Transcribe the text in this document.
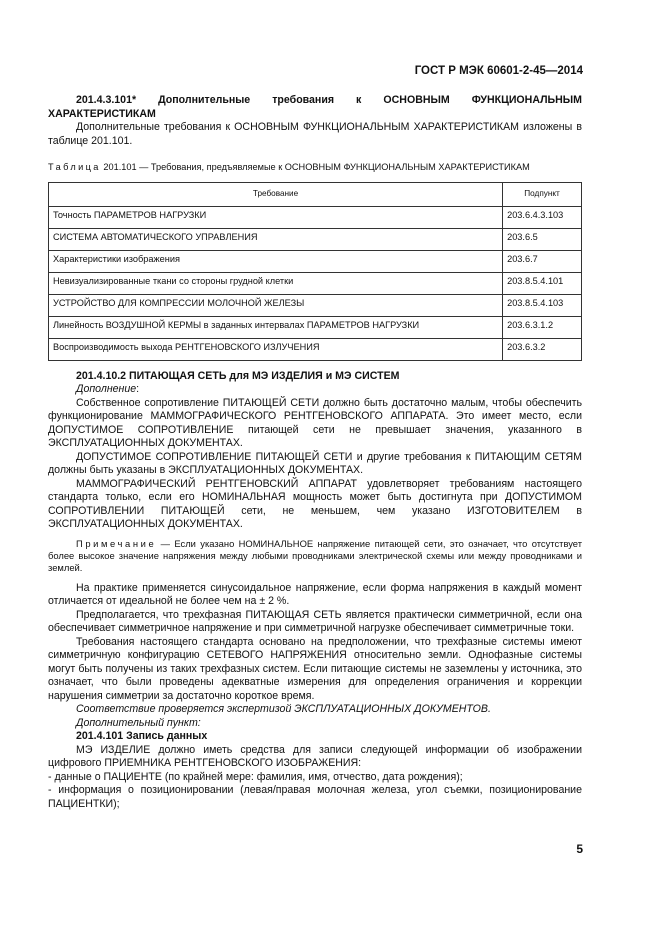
ГОСТ Р МЭК 60601-2-45—2014

201.4.3.101* Дополнительные требования к ОСНОВНЫМ ФУНКЦИОНАЛЬНЫМ

ХАРАКТЕРИСТИКАМ

Дополнительные требования к ОСНОВНЫМ ФУНКЦИОНАЛЬНЫМ ХАРАКТЕРИСТИКАМ изложены в таблице 201.101.

Таблица 201.101 — Требования, предъявляемые к ОСНОВНЫМ ФУНКЦИОНАЛЬНЫМ ХАРАКТЕРИСТИКАМ

Требование	Подпункт
Точность ПАРАМЕТРОВ НАГРУЗКИ	203.6.4.3.103
СИСТЕМА АВТОМАТИЧЕСКОГО УПРАВЛЕНИЯ	203.6.5
Характеристики изображения	203.6.7
Невизуализированные ткани со стороны грудной клетки	203.8.5.4.101
УСТРОЙСТВО ДЛЯ КОМПРЕССИИ МОЛОЧНОЙ ЖЕЛЕЗЫ	203.8.5.4.103
Линейность ВОЗДУШНОЙ КЕРМЫ в заданных интервалах ПАРАМЕТРОВ НАГРУЗКИ	203.6.3.1.2
Воспроизводимость выхода РЕНТГЕНОВСКОГО ИЗЛУЧЕНИЯ	203.6.3.2

201.4.10.2 ПИТАЮЩАЯ СЕТЬ для МЭ ИЗДЕЛИЯ и МЭ СИСТЕМ

Дополнение:

Собственное сопротивление ПИТАЮЩЕЙ СЕТИ должно быть достаточно малым, чтобы обеспечить функционирование МАММОГРАФИЧЕСКОГО РЕНТГЕНОВСКОГО АППАРАТА. Это имеет место, если ДОПУСТИМОЕ СОПРОТИВЛЕНИЕ питающей сети не превышает значения, указанного в ЭКСПЛУАТАЦИОННЫХ ДОКУМЕНТАХ.

ДОПУСТИМОЕ СОПРОТИВЛЕНИЕ ПИТАЮЩЕЙ СЕТИ и другие требования к ПИТАЮЩИМ СЕТЯМ должны быть указаны в ЭКСПЛУАТАЦИОННЫХ ДОКУМЕНТАХ.

МАММОГРАФИЧЕСКИЙ РЕНТГЕНОВСКИЙ АППАРАТ удовлетворяет требованиям настоящего стандарта только, если его НОМИНАЛЬНАЯ мощность может быть достигнута при ДОПУСТИМОМ СОПРОТИВЛЕНИИ ПИТАЮЩЕЙ сети, не меньшем, чем указано ИЗГОТОВИТЕЛЕМ в ЭКСПЛУАТАЦИОННЫХ ДОКУМЕНТАХ.

Примечание — Если указано НОМИНАЛЬНОЕ напряжение питающей сети, это означает, что отсутствует более высокое значение напряжения между любыми проводниками электрической схемы или между проводниками и землей.

На практике применяется синусоидальное напряжение, если форма напряжения в каждый момент отличается от идеальной не более чем на ± 2 %.

Предполагается, что трехфазная ПИТАЮЩАЯ СЕТЬ является практически симметричной, если она обеспечивает симметричное напряжение и при симметричной нагрузке обеспечивает симметричные токи.

Требования настоящего стандарта основано на предположении, что трехфазные системы имеют симметричную конфигурацию СЕТЕВОГО НАПРЯЖЕНИЯ относительно земли. Однофазные системы могут быть получены из таких трехфазных систем. Если питающие системы не заземлены у источника, это означает, что были проведены адекватные измерения для определения ограничения и коррекции нарушения симметрии за достаточно короткое время.

Соответствие проверяется экспертизой ЭКСПЛУАТАЦИОННЫХ ДОКУМЕНТОВ.

Дополнительный пункт:

201.4.101 Запись данных

МЭ ИЗДЕЛИЕ должно иметь средства для записи следующей информации об изображении цифрового ПРИЕМНИКА РЕНТГЕНОВСКОГО ИЗОБРАЖЕНИЯ:

- данные о ПАЦИЕНТЕ (по крайней мере: фамилия, имя, отчество, дата рождения);

- информация о позиционировании (левая/правая молочная железа, угол съемки, позиционирование ПАЦИЕНТКИ);

5
